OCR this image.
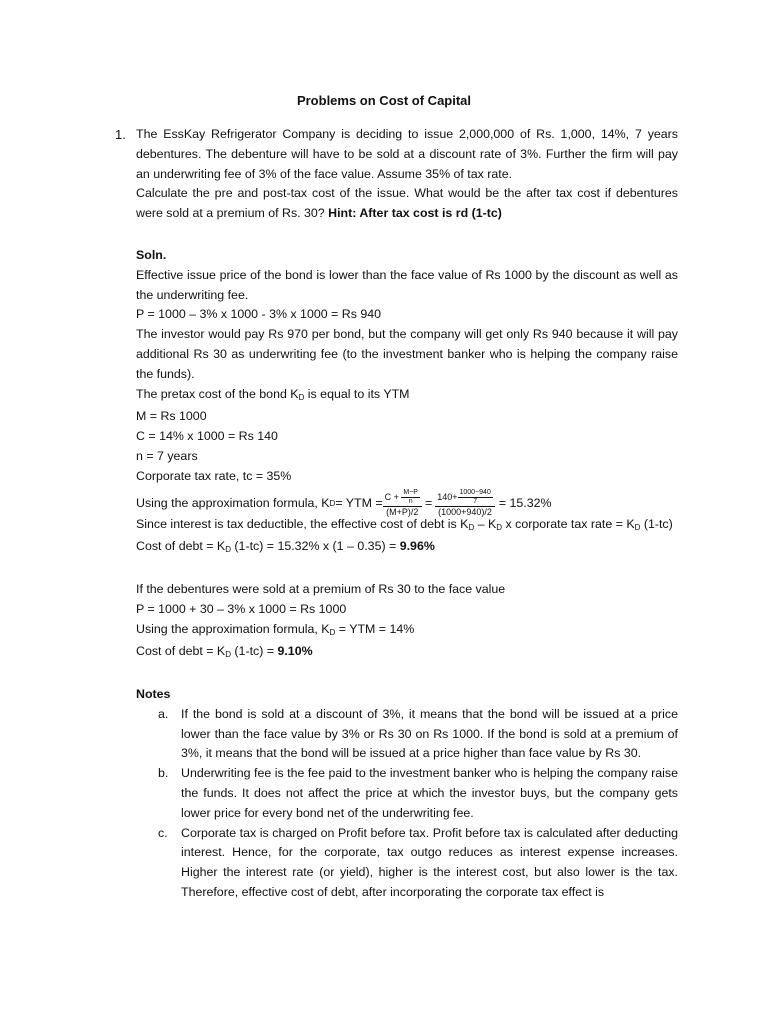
Problems on Cost of Capital
1. The EssKay Refrigerator Company is deciding to issue 2,000,000 of Rs. 1,000, 14%, 7 years debentures. The debenture will have to be sold at a discount rate of 3%. Further the firm will pay an underwriting fee of 3% of the face value. Assume 35% of tax rate.
Calculate the pre and post-tax cost of the issue. What would be the after tax cost if debentures were sold at a premium of Rs. 30? Hint: After tax cost is rd (1-tc)
Soln.
Effective issue price of the bond is lower than the face value of Rs 1000 by the discount as well as the underwriting fee.
P = 1000 – 3% x 1000 - 3% x 1000 = Rs 940
The investor would pay Rs 970 per bond, but the company will get only Rs 940 because it will pay additional Rs 30 as underwriting fee (to the investment banker who is helping the company raise the funds).
The pretax cost of the bond $K_D$ is equal to its YTM
M = Rs 1000
C = 14% x 1000 = Rs 140
n = 7 years
Corporate tax rate, tc = 35%
Using the approximation formula, K D = YTM = $\frac{C + \frac{M-P}{n}}{(M+P)/2} = \frac{140+ \frac{1000-940}{7}}{(1000+940)/2} = 15.32\%$
Since interest is tax deductible, the effective cost of debt is $K_D - K_D$ x corporate tax rate = $K_D$ (1-tc)
Cost of debt = $K_D$ (1-tc) = 15.32% x (1 – 0.35) = 9.96%
If the debentures were sold at a premium of Rs 30 to the face value
P = 1000 + 30 – 3% x 1000 = Rs 1000
Using the approximation formula, $K_D$ = YTM = 14%
Cost of debt = $K_D$ (1-tc) = 9.10%
Notes
a. If the bond is sold at a discount of 3%, it means that the bond will be issued at a price lower than the face value by 3% or Rs 30 on Rs 1000. If the bond is sold at a premium of 3%, it means that the bond will be issued at a price higher than face value by Rs 30.
b. Underwriting fee is the fee paid to the investment banker who is helping the company raise the funds. It does not affect the price at which the investor buys, but the company gets lower price for every bond net of the underwriting fee.
c. Corporate tax is charged on Profit before tax. Profit before tax is calculated after deducting interest. Hence, for the corporate, tax outgo reduces as interest expense increases. Higher the interest rate (or yield), higher is the interest cost, but also lower is the tax. Therefore, effective cost of debt, after incorporating the corporate tax effect is
